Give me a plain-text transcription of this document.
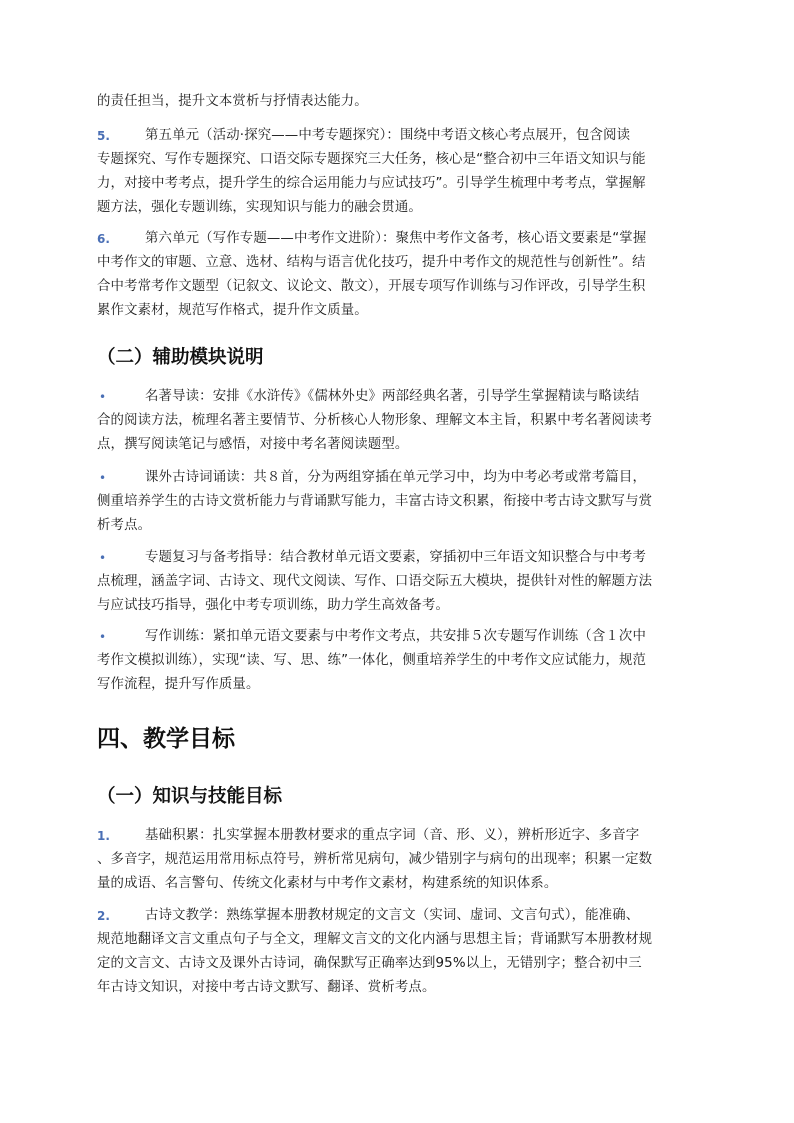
的责任担当，提升文本赏析与抒情表达能力。
5.	第五单元（活动·探究——中考专题探究）：围绕中考语文核心考点展开，包含阅读
专题探究、写作专题探究、口语交际专题探究三大任务，核心是“整合初中三年语文知识与能
力，对接中考考点，提升学生的综合运用能力与应试技巧”。引导学生梳理中考考点，掌握解
题方法，强化专题训练，实现知识与能力的融会贯通。
6.	第六单元（写作专题——中考作文进阶）：聚焦中考作文备考，核心语文要素是“掌握
中考作文的审题、立意、选材、结构与语言优化技巧，提升中考作文的规范性与创新性”。结
合中考常考作文题型（记叙文、议论文、散文），开展专项写作训练与习作评改，引导学生积
累作文素材，规范写作格式，提升作文质量。
（二）辅助模块说明
•	名著导读：安排《水浒传》《儒林外史》两部经典名著，引导学生掌握精读与略读结
合的阅读方法，梳理名著主要情节、分析核心人物形象、理解文本主旨，积累中考名著阅读考
点，撰写阅读笔记与感悟，对接中考名著阅读题型。
•	课外古诗词诵读：共８首，分为两组穿插在单元学习中，均为中考必考或常考篇目，
侧重培养学生的古诗文赏析能力与背诵默写能力，丰富古诗文积累，衔接中考古诗文默写与赏
析考点。
•	专题复习与备考指导：结合教材单元语文要素，穿插初中三年语文知识整合与中考考
点梳理，涵盖字词、古诗文、现代文阅读、写作、口语交际五大模块，提供针对性的解题方法
与应试技巧指导，强化中考专项训练，助力学生高效备考。
•	写作训练：紧扣单元语文要素与中考作文考点，共安排５次专题写作训练（含１次中
考作文模拟训练），实现“读、写、思、练”一体化，侧重培养学生的中考作文应试能力，规范
写作流程，提升写作质量。
四、教学目标
（一）知识与技能目标
1.	基础积累：扎实掌握本册教材要求的重点字词（音、形、义），辨析形近字、多音字
、多音字，规范运用常用标点符号，辨析常见病句，减少错别字与病句的出现率；积累一定数
量的成语、名言警句、传统文化素材与中考作文素材，构建系统的知识体系。
2.	古诗文教学：熟练掌握本册教材规定的文言文（实词、虚词、文言句式），能准确、
规范地翻译文言文重点句子与全文，理解文言文的文化内涵与思想主旨；背诵默写本册教材规
定的文言文、古诗文及课外古诗词，确保默写正确率达到95%以上，无错别字；整合初中三
年古诗文知识，对接中考古诗文默写、翻译、赏析考点。
